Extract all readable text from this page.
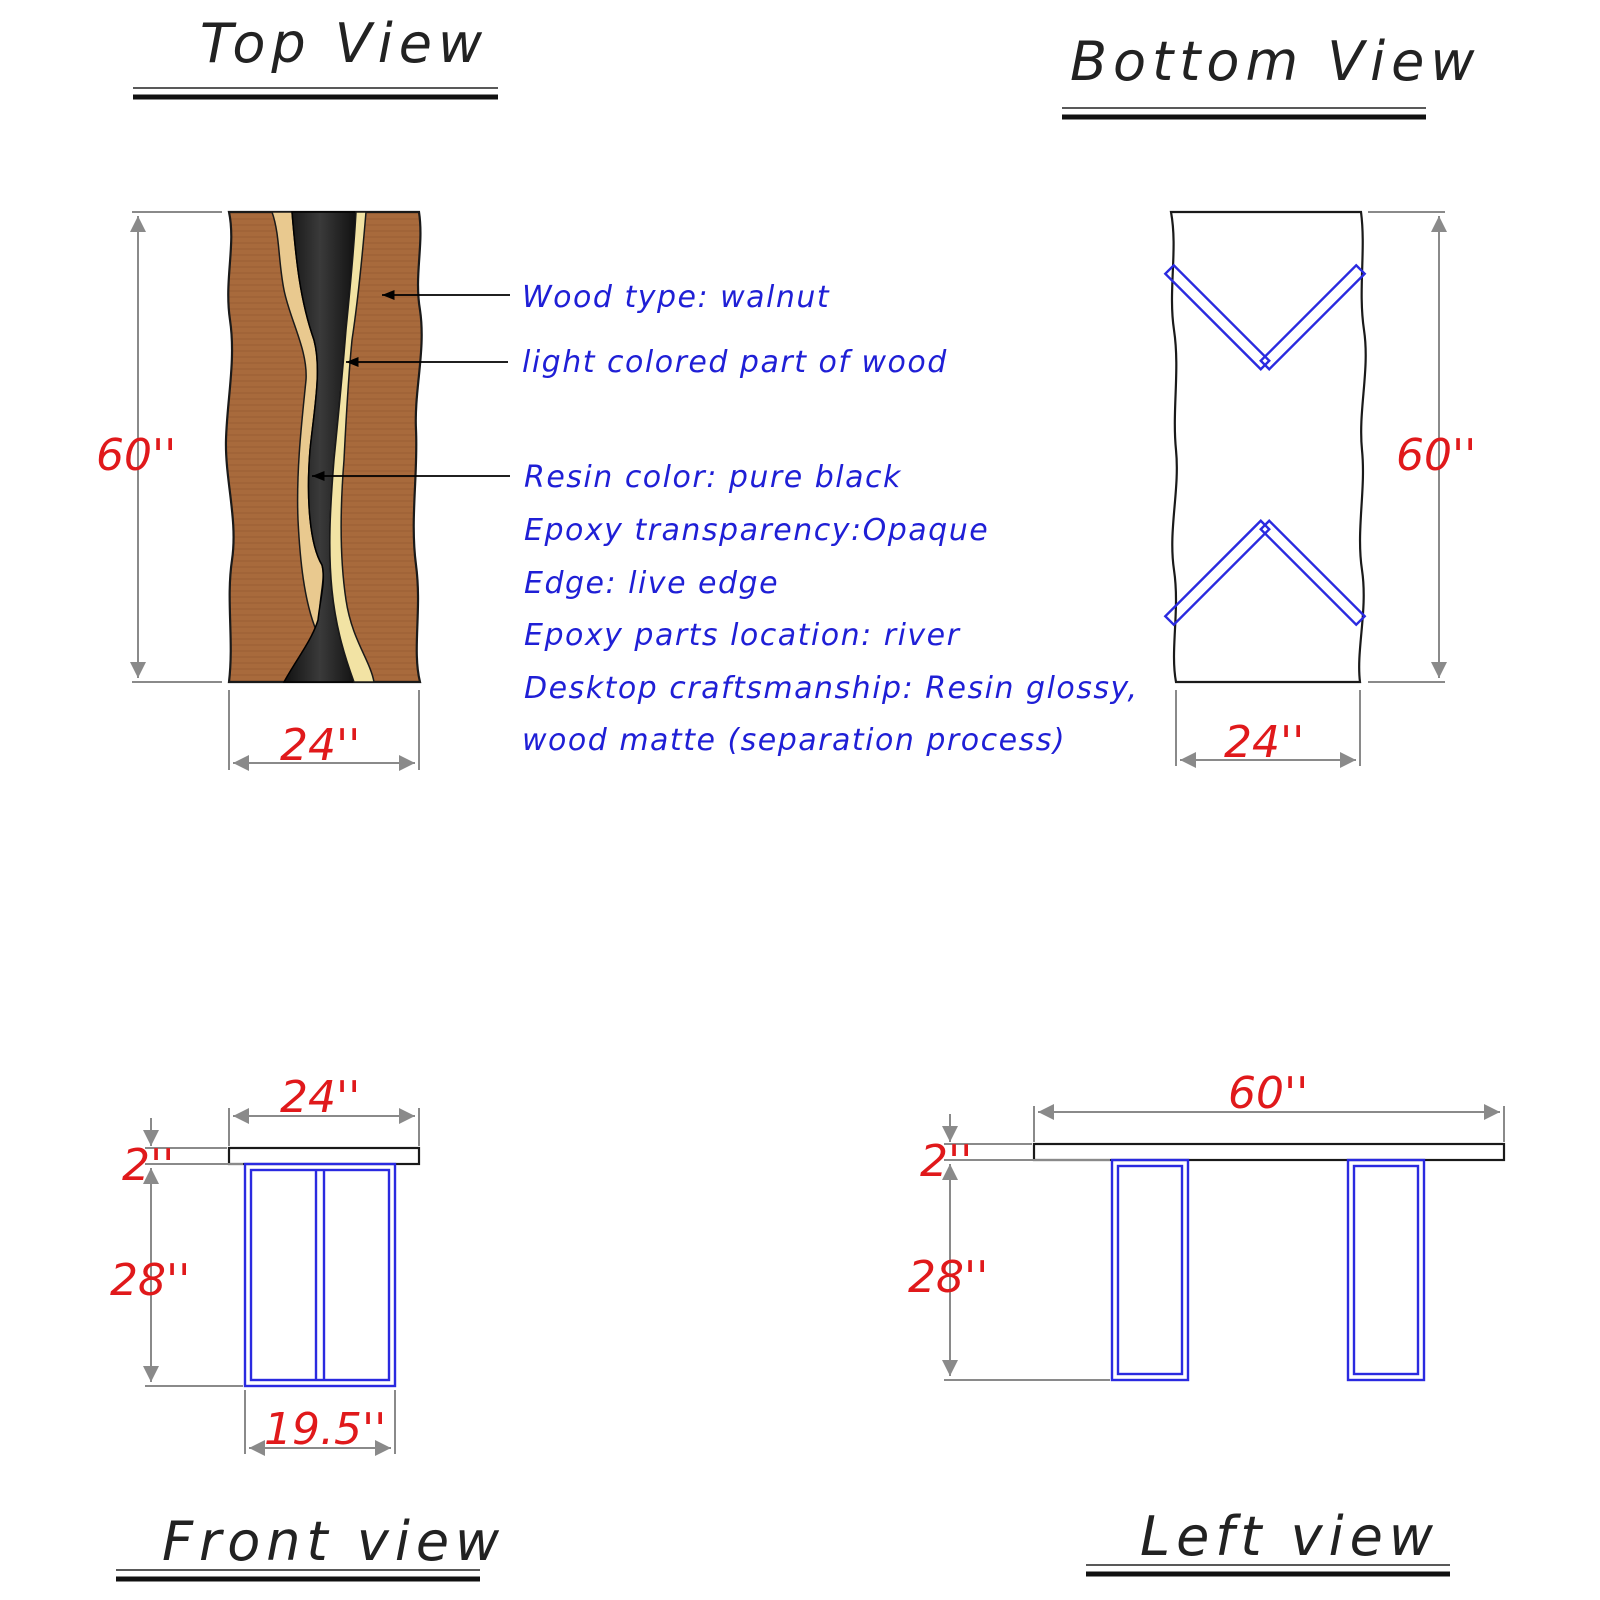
Top View	Bottom View
Front view	Left view
60''
24''
Wood type: walnut
light colored part of wood
Resin color: pure black
Epoxy transparency:Opaque
Edge: live edge
Epoxy parts location: river
Desktop craftsmanship: Resin glossy,
wood matte (separation process)
60''
24''
24''
2''
28''
19.5''
60''
2''
28''
